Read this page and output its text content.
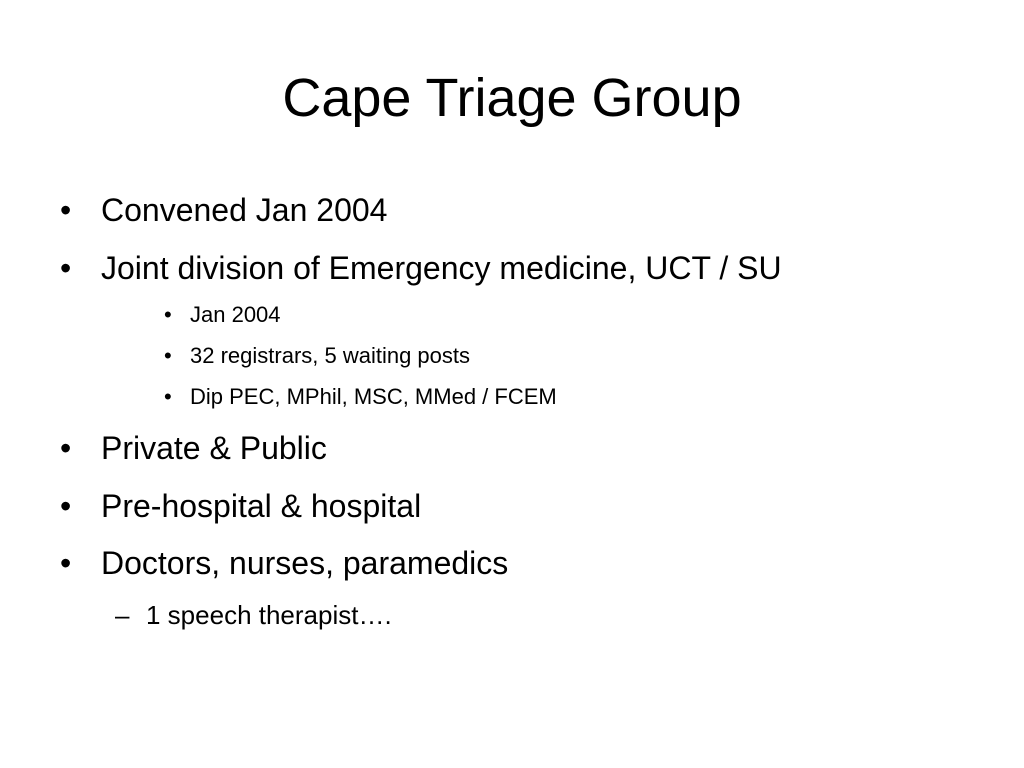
Cape Triage Group
• Convened Jan 2004
• Joint division of Emergency medicine, UCT / SU
• Jan 2004
• 32 registrars, 5 waiting posts
• Dip PEC, MPhil, MSC, MMed / FCEM
• Private & Public
• Pre-hospital & hospital
• Doctors, nurses, paramedics
– 1 speech therapist….
